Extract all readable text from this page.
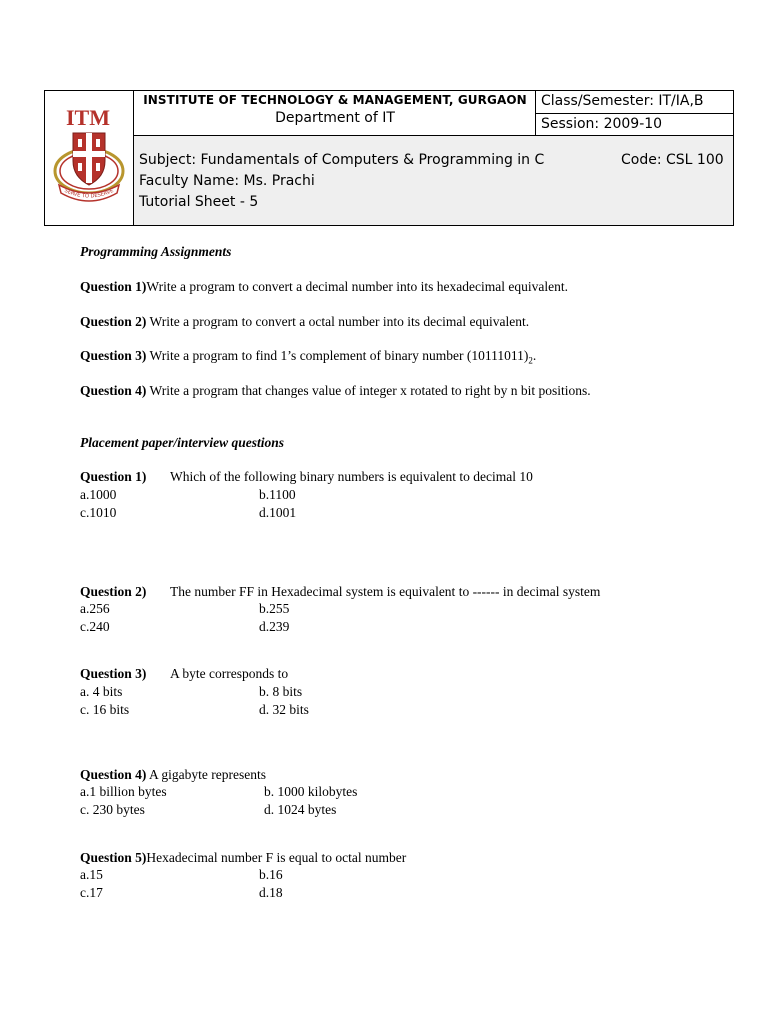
ITM
SERVE TO DESERVE
INSTITUTE OF TECHNOLOGY & MANAGEMENT, GURGAON
Department of IT
Class/Semester: IT/IA,B
Session: 2009-10
Subject: Fundamentals of Computers & Programming in C	Code: CSL 100
Faculty Name: Ms. Prachi
Tutorial Sheet - 5
Programming Assignments
Question 1)Write a program to convert a decimal number into its hexadecimal equivalent.
Question 2) Write a program to convert a octal number into its decimal equivalent.
Question 3) Write a program to find 1’s complement of binary number $(10111011)_2$.
Question 4) Write a program that changes value of integer x rotated to right by n bit positions.
Placement paper/interview questions
Question 1) Which of the following binary numbers is equivalent to decimal 10
a.1000	b.1100
c.1010	d.1001
Question 2) The number FF in Hexadecimal system is equivalent to ------ in decimal system
a.256	b.255
c.240	d.239
Question 3) A byte corresponds to
a. 4 bits	b. 8 bits
c. 16 bits	d. 32 bits
Question 4) A gigabyte represents
a.1 billion bytes	b. 1000 kilobytes
c. 230 bytes	d. 1024 bytes
Question 5)Hexadecimal number F is equal to octal number
a.15	b.16
c.17	d.18
